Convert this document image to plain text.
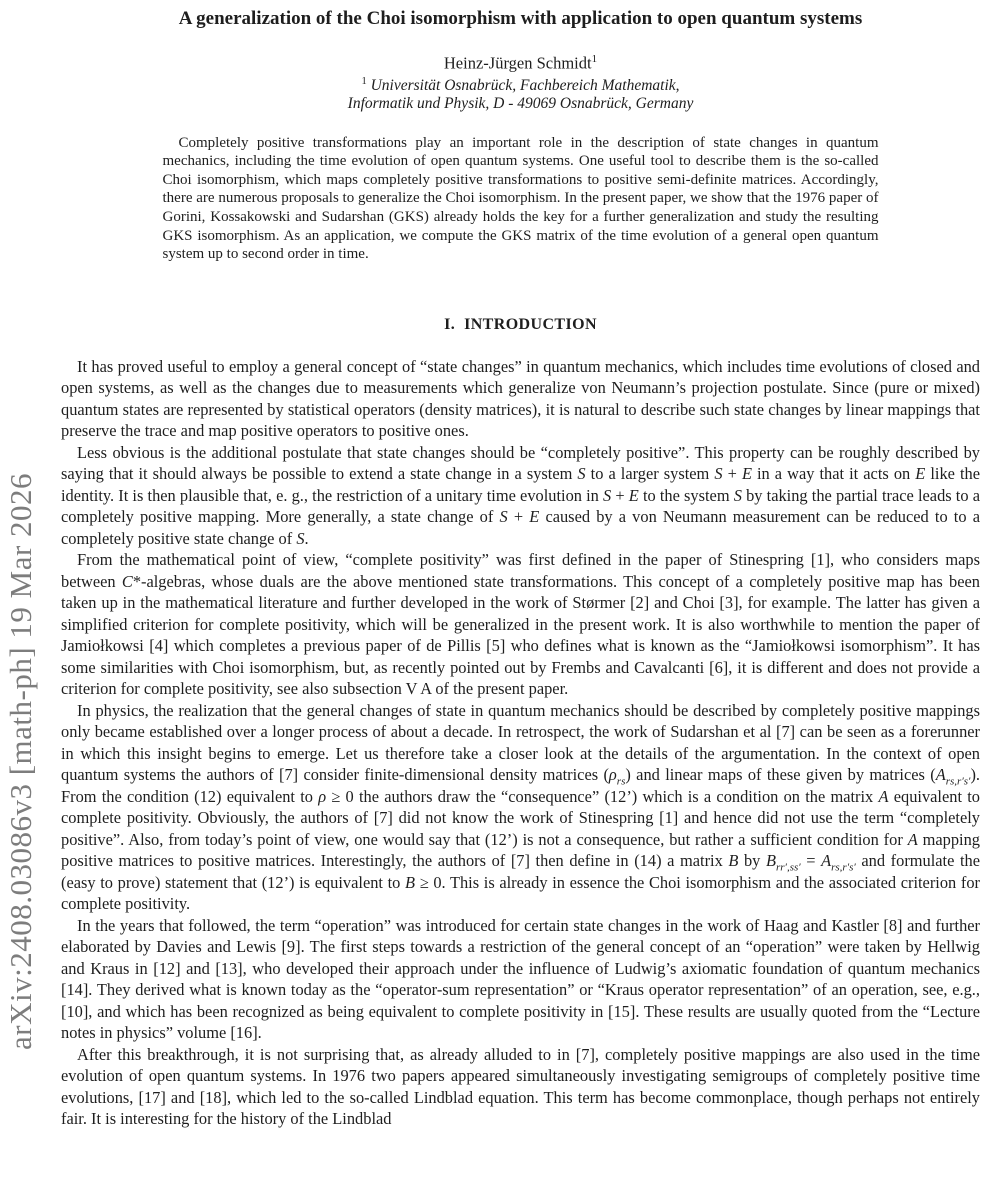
arXiv:2408.03086v3 [math-ph] 19 Mar 2026
A generalization of the Choi isomorphism with application to open quantum systems
Heinz-Jürgen Schmidt$^1$
$^1$ Universität Osnabrück, Fachbereich Mathematik,
Informatik und Physik, D - 49069 Osnabrück, Germany

Completely positive transformations play an important role in the description of state changes in quantum mechanics, including the time evolution of open quantum systems. One useful tool to describe them is the so-called Choi isomorphism, which maps completely positive transformations to positive semi-definite matrices. Accordingly, there are numerous proposals to generalize the Choi isomorphism. In the present paper, we show that the 1976 paper of Gorini, Kossakowski and Sudarshan (GKS) already holds the key for a further generalization and study the resulting GKS isomorphism. As an application, we compute the GKS matrix of the time evolution of a general open quantum system up to second order in time.

I. INTRODUCTION

It has proved useful to employ a general concept of “state changes” in quantum mechanics, which includes time evolutions of closed and open systems, as well as the changes due to measurements which generalize von Neumann’s projection postulate. Since (pure or mixed) quantum states are represented by statistical operators (density matrices), it is natural to describe such state changes by linear mappings that preserve the trace and map positive operators to positive ones.

Less obvious is the additional postulate that state changes should be “completely positive”. This property can be roughly described by saying that it should always be possible to extend a state change in a system S to a larger system S + E in a way that it acts on E like the identity. It is then plausible that, e. g., the restriction of a unitary time evolution in S + E to the system S by taking the partial trace leads to a completely positive mapping. More generally, a state change of S + E caused by a von Neumann measurement can be reduced to to a completely positive state change of S.

From the mathematical point of view, “complete positivity” was first defined in the paper of Stinespring [1], who considers maps between C*-algebras, whose duals are the above mentioned state transformations. This concept of a completely positive map has been taken up in the mathematical literature and further developed in the work of Størmer [2] and Choi [3], for example. The latter has given a simplified criterion for complete positivity, which will be generalized in the present work. It is also worthwhile to mention the paper of Jamiołkowsi [4] which completes a previous paper of de Pillis [5] who defines what is known as the “Jamiołkowsi isomorphism”. It has some similarities with Choi isomorphism, but, as recently pointed out by Frembs and Cavalcanti [6], it is different and does not provide a criterion for complete positivity, see also subsection V A of the present paper.

In physics, the realization that the general changes of state in quantum mechanics should be described by completely positive mappings only became established over a longer process of about a decade. In retrospect, the work of Sudarshan et al [7] can be seen as a forerunner in which this insight begins to emerge. Let us therefore take a closer look at the details of the argumentation. In the context of open quantum systems the authors of [7] consider finite-dimensional density matrices $(\rho_{rs})$ and linear maps of these given by matrices $(A_{rs,r's'})$. From the condition (12) equivalent to ρ ≥ 0 the authors draw the “consequence” (12’) which is a condition on the matrix A equivalent to complete positivity. Obviously, the authors of [7] did not know the work of Stinespring [1] and hence did not use the term “completely positive”. Also, from today’s point of view, one would say that (12’) is not a consequence, but rather a sufficient condition for A mapping positive matrices to positive matrices. Interestingly, the authors of [7] then define in (14) a matrix B by $B_{rr',ss'} = A_{rs,r's'}$ and formulate the (easy to prove) statement that (12’) is equivalent to B ≥ 0. This is already in essence the Choi isomorphism and the associated criterion for complete positivity.

In the years that followed, the term “operation” was introduced for certain state changes in the work of Haag and Kastler [8] and further elaborated by Davies and Lewis [9]. The first steps towards a restriction of the general concept of an “operation” were taken by Hellwig and Kraus in [12] and [13], who developed their approach under the influence of Ludwig’s axiomatic foundation of quantum mechanics [14]. They derived what is known today as the “operator-sum representation” or “Kraus operator representation” of an operation, see, e.g., [10], and which has been recognized as being equivalent to complete positivity in [15]. These results are usually quoted from the “Lecture notes in physics” volume [16].

After this breakthrough, it is not surprising that, as already alluded to in [7], completely positive mappings are also used in the time evolution of open quantum systems. In 1976 two papers appeared simultaneously investigating semigroups of completely positive time evolutions, [17] and [18], which led to the so-called Lindblad equation. This term has become commonplace, though perhaps not entirely fair. It is interesting for the history of the Lindblad
